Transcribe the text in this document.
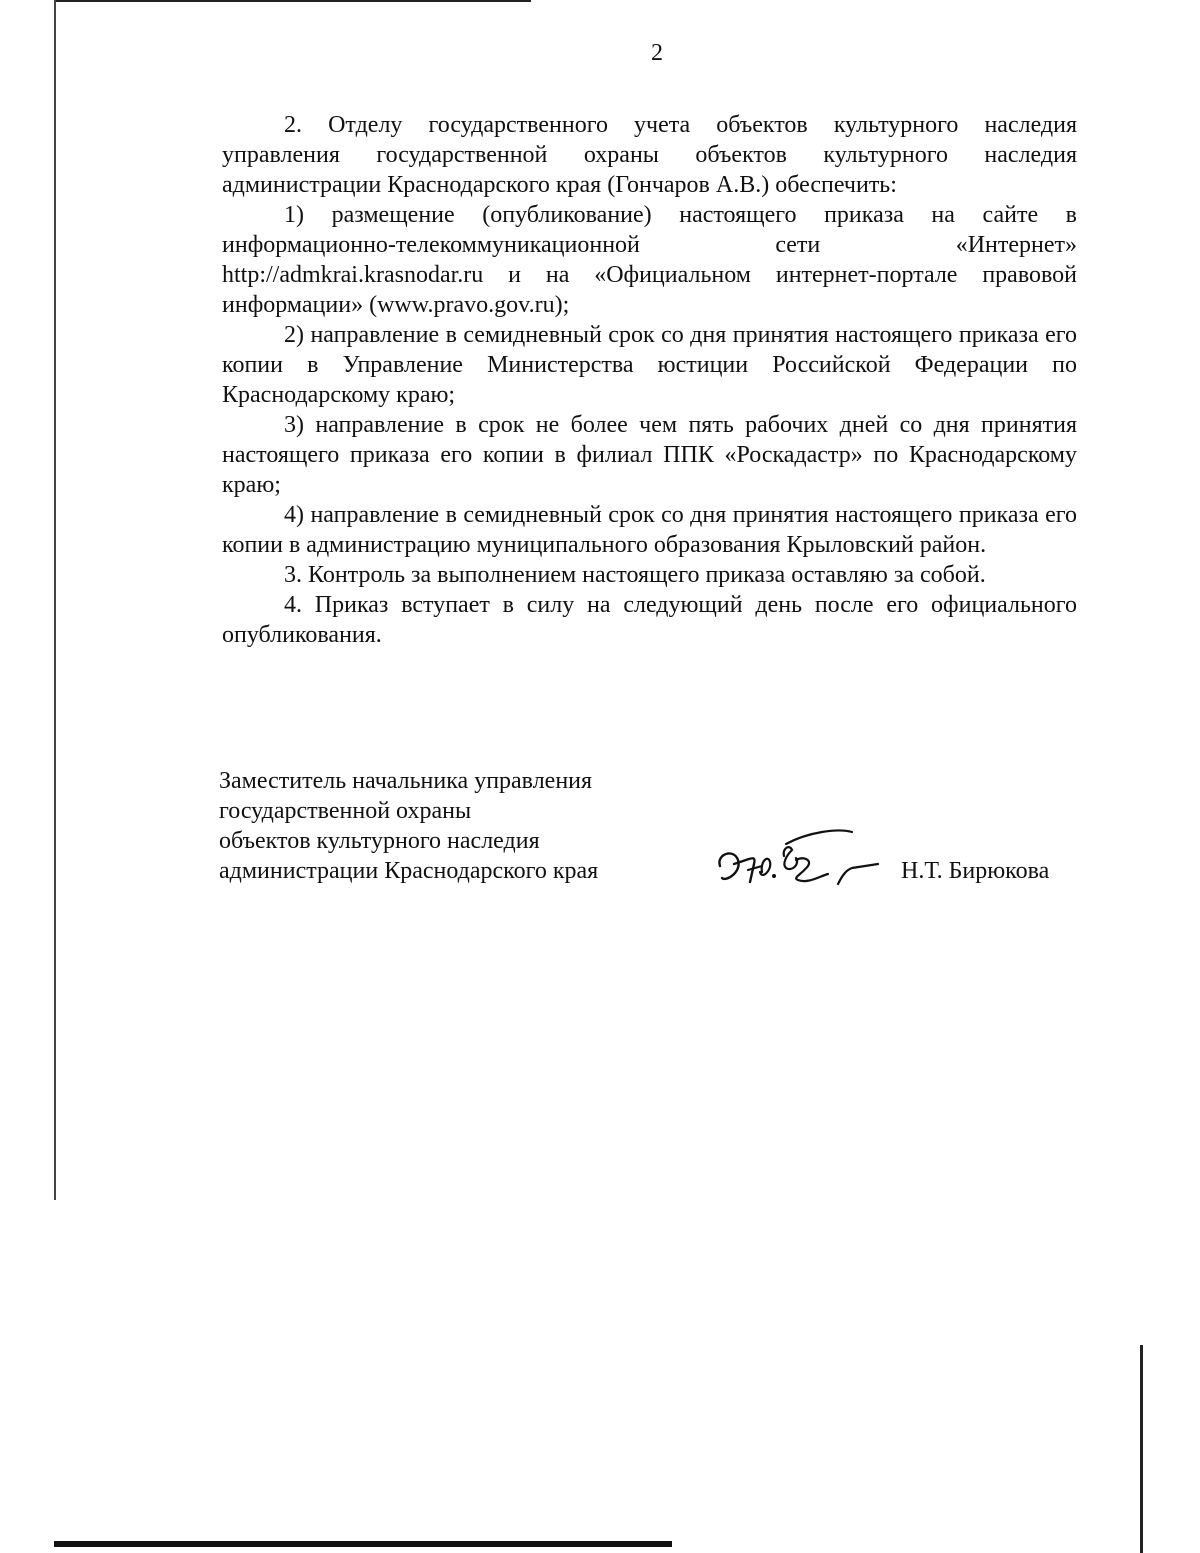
2

2. Отделу государственного учета объектов культурного наследия управления государственной охраны объектов культурного наследия администрации Краснодарского края (Гончаров А.В.) обеспечить:

1) размещение (опубликование) настоящего приказа на сайте в информационно-телекоммуникационной сети «Интернет» http://admkrai.krasnodar.ru и на «Официальном интернет-портале правовой информации» (www.pravo.gov.ru);

2) направление в семидневный срок со дня принятия настоящего приказа его копии в Управление Министерства юстиции Российской Федерации по Краснодарскому краю;

3) направление в срок не более чем пять рабочих дней со дня принятия настоящего приказа его копии в филиал ППК «Роскадастр» по Краснодарскому краю;

4) направление в семидневный срок со дня принятия настоящего приказа его копии в администрацию муниципального образования Крыловский район.

3. Контроль за выполнением настоящего приказа оставляю за собой.

4. Приказ вступает в силу на следующий день после его официального опубликования.

Заместитель начальника управления
государственной охраны
объектов культурного наследия
администрации Краснодарского края	Н.Т. Бирюкова
